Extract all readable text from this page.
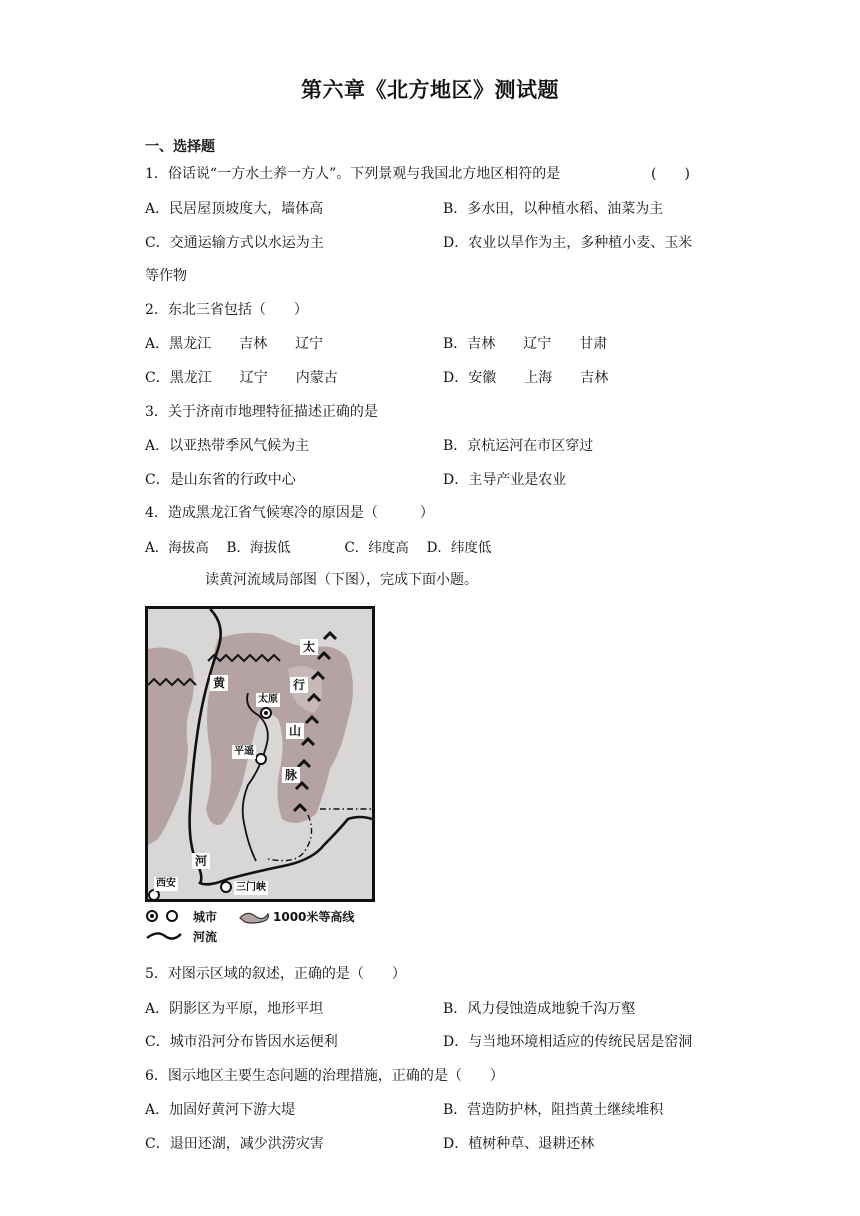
第六章《北方地区》测试题
一、选择题
1．俗话说“一方水土养一方人”。下列景观与我国北方地区相符的是	(　　)
A．民居屋顶坡度大，墙体高	B．多水田，以种植水稻、油菜为主
C．交通运输方式以水运为主	D．农业以旱作为主，多种植小麦、玉米
等作物
2．东北三省包括（　　）
A．黑龙江　　吉林　　辽宁	B．吉林　　辽宁　　甘肃
C．黑龙江　　辽宁　　内蒙古	D．安徽　　上海　　吉林
3．关于济南市地理特征描述正确的是
A．以亚热带季风气候为主	B．京杭运河在市区穿过
C．是山东省的行政中心	D．主导产业是农业
4．造成黑龙江省气候寒冷的原因是（　　　）
A．海拔高　 B．海拔低　　　　C．纬度高　 D．纬度低
读黄河流域局部图（下图），完成下面小题。
太
行
山
脉
黄
河
太原
平遥
西安	三门峡
城市	1000米等高线
河流
5．对图示区域的叙述，正确的是（　　）
A．阴影区为平原，地形平坦	B．风力侵蚀造成地貌千沟万壑
C．城市沿河分布皆因水运便利	D．与当地环境相适应的传统民居是窑洞
6．图示地区主要生态问题的治理措施，正确的是（　　）
A．加固好黄河下游大堤	B．营造防护林，阻挡黄土继续堆积
C．退田还湖，减少洪涝灾害	D．植树种草、退耕还林
